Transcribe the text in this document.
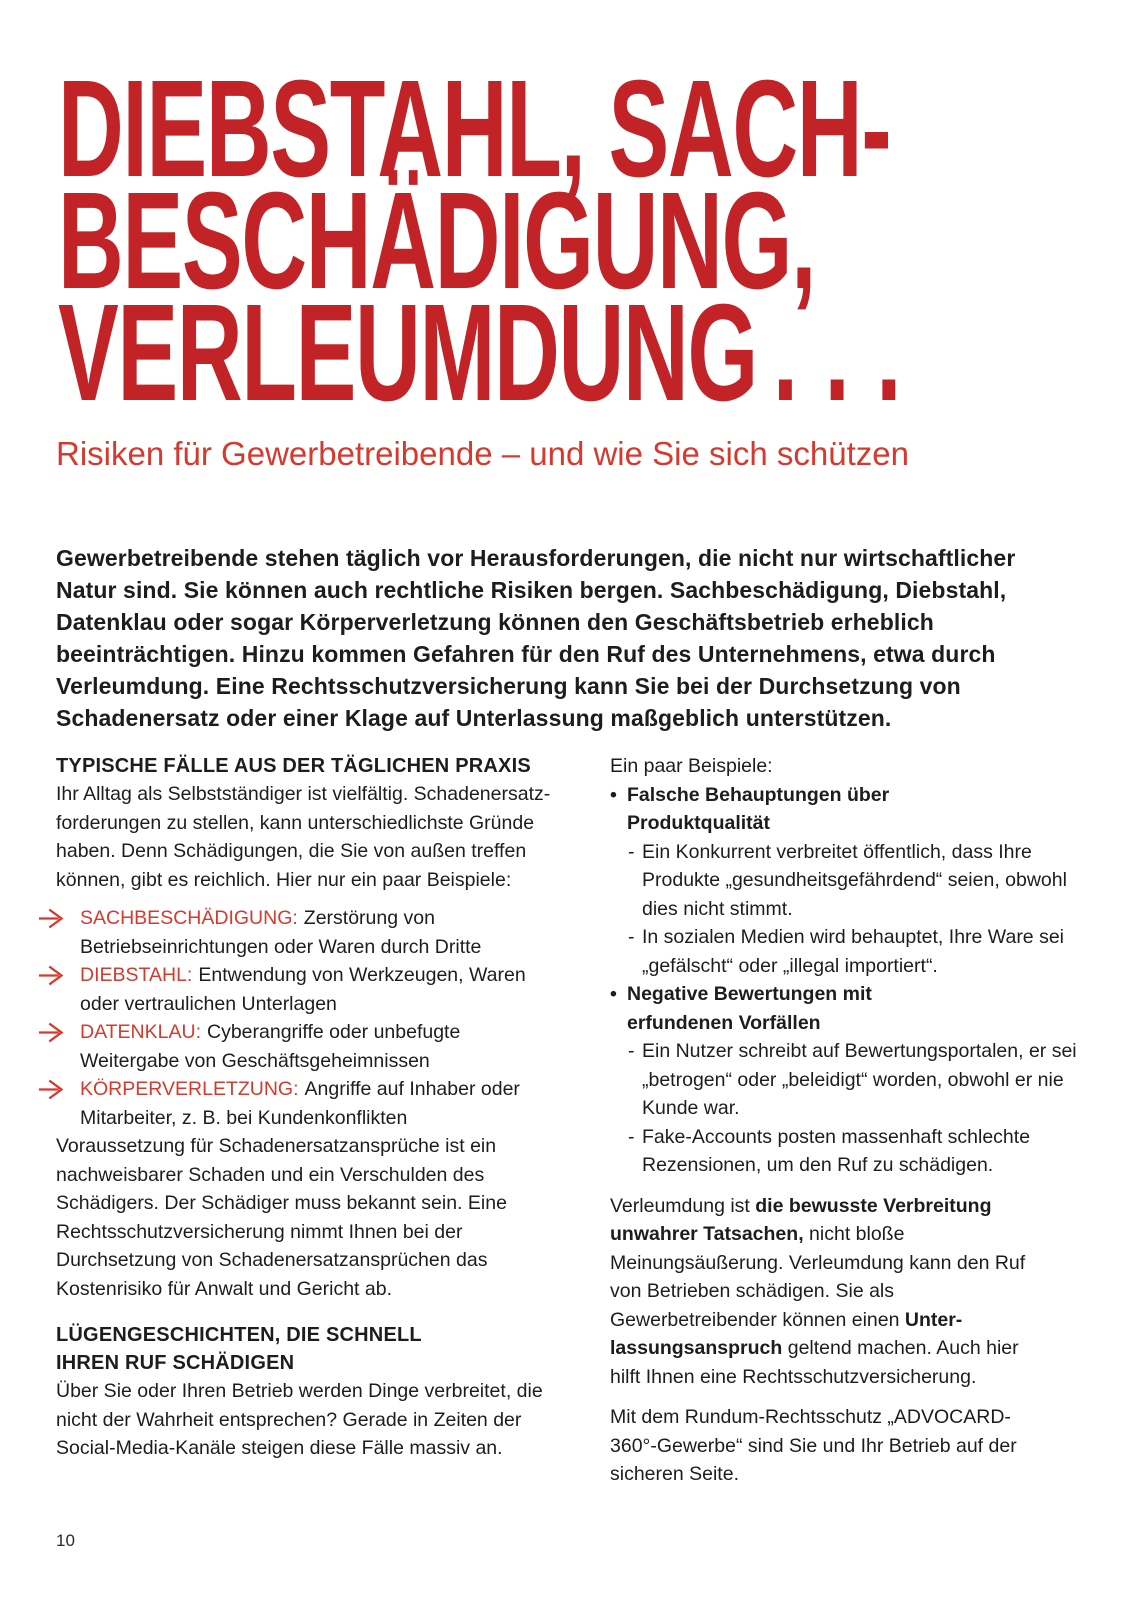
DIEBSTAHL, SACH-
BESCHÄDIGUNG,
VERLEUMDUNG ...
Risiken für Gewerbetreibende – und wie Sie sich schützen

Gewerbetreibende stehen täglich vor Herausforderungen, die nicht nur wirtschaftlicher Natur sind. Sie können auch rechtliche Risiken bergen. Sachbeschädigung, Diebstahl, Datenklau oder sogar Körperverletzung können den Geschäftsbetrieb erheblich beeinträchtigen. Hinzu kommen Gefahren für den Ruf des Unternehmens, etwa durch Verleumdung. Eine Rechtsschutzversicherung kann Sie bei der Durchsetzung von Schadenersatz oder einer Klage auf Unterlassung maßgeblich unterstützen.

TYPISCHE FÄLLE AUS DER TÄGLICHEN PRAXIS

Ihr Alltag als Selbstständiger ist vielfältig. Schadenersatzforderungen zu stellen, kann unterschiedlichste Gründe haben. Denn Schädigungen, die Sie von außen treffen können, gibt es reichlich. Hier nur ein paar Beispiele:

SACHBESCHÄDIGUNG: Zerstörung von Betriebseinrichtungen oder Waren durch Dritte
DIEBSTAHL: Entwendung von Werkzeugen, Waren oder vertraulichen Unterlagen
DATENKLAU: Cyberangriffe oder unbefugte Weitergabe von Geschäftsgeheimnissen
KÖRPERVERLETZUNG: Angriffe auf Inhaber oder Mitarbeiter, z. B. bei Kundenkonflikten

Voraussetzung für Schadenersatzansprüche ist ein nachweisbarer Schaden und ein Verschulden des Schädigers. Der Schädiger muss bekannt sein. Eine Rechtsschutzversicherung nimmt Ihnen bei der Durchsetzung von Schadenersatzansprüchen das Kostenrisiko für Anwalt und Gericht ab.

LÜGENGESCHICHTEN, DIE SCHNELL
IHREN RUF SCHÄDIGEN

Über Sie oder Ihren Betrieb werden Dinge verbreitet, die nicht der Wahrheit entsprechen? Gerade in Zeiten der Social-Media-Kanäle steigen diese Fälle massiv an.

Ein paar Beispiele:

• Falsche Behauptungen über Produktqualität
- Ein Konkurrent verbreitet öffentlich, dass Ihre Produkte „gesundheitsgefährdend“ seien, obwohl dies nicht stimmt.
- In sozialen Medien wird behauptet, Ihre Ware sei „gefälscht“ oder „illegal importiert“.
• Negative Bewertungen mit erfundenen Vorfällen
- Ein Nutzer schreibt auf Bewertungsportalen, er sei „betrogen“ oder „beleidigt“ worden, obwohl er nie Kunde war.
- Fake-Accounts posten massenhaft schlechte Rezensionen, um den Ruf zu schädigen.

Verleumdung ist die bewusste Verbreitung unwahrer Tatsachen, nicht bloße Meinungsäußerung. Verleumdung kann den Ruf von Betrieben schädigen. Sie als Gewerbetreibender können einen Unterlassungsanspruch geltend machen. Auch hier hilft Ihnen eine Rechtsschutzversicherung.

Mit dem Rundum-Rechtsschutz „ADVOCARD-360°-Gewerbe“ sind Sie und Ihr Betrieb auf der sicheren Seite.

10
